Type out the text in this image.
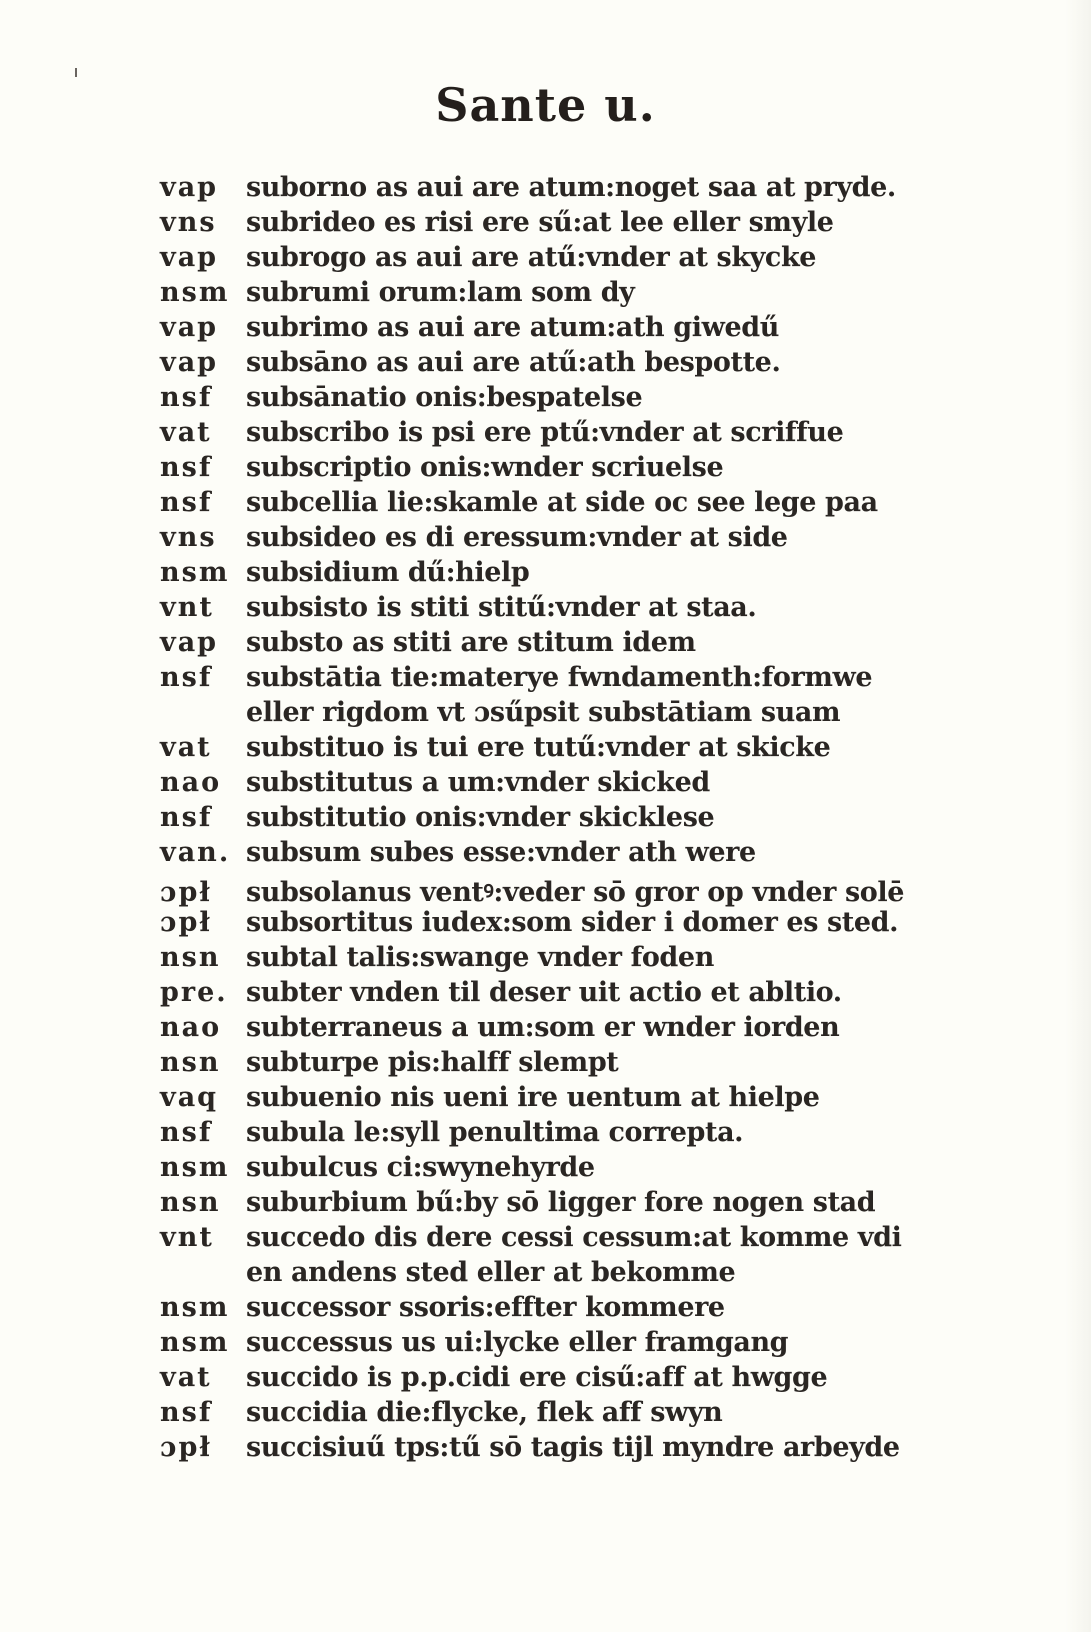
Sante u.
vap	suborno as aui are atum:noget saa at pryde.
vns	subrideo es risi ere sű:at lee eller smyle
vap	subrogo as aui are atű:vnder at skycke
nsm subrumi orum:lam som dy
vap	subrimo as aui are atum:ath giwedű
vap	subsāno as aui are atű:ath bespotte.
nsf	subsānatio onis:bespatelse
vat	subscribo is psi ere ptű:vnder at scriffue
nsf	subscriptio onis:wnder scriuelse
nsf	subcellia lie:skamle at side oc see lege paa
vns	subsideo es di eressum:vnder at side
nsm subsidium dű:hielp
vnt	subsisto is stiti stitű:vnder at staa.
vap	substo as stiti are stitum idem
nsf	substātia tie:materye fwndamenth:formwe
eller rigdom vt ɔsűpsit substātiam suam
vat	substituo is tui ere tutű:vnder at skicke
nao substitutus a um:vnder skicked
nsf	substitutio onis:vnder skicklese
van. subsum subes esse:vnder ath were
ɔpł	subsolanus ventꝰ:veder sō gror op vnder solē
ɔpł	subsortitus iudex:som sider i domer es sted.
nsn subtal talis:swange vnder foden
pre. subter vnden til deser uit actio et abltio.
nao subterraneus a um:som er wnder iorden
nsn subturpe pis:halff slempt
vaq	subuenio nis ueni ire uentum at hielpe
nsf	subula le:syll penultima correpta.
nsm subulcus ci:swynehyrde
nsn suburbium bű:by sō ligger fore nogen stad
vnt	succedo dis dere cessi cessum:at komme vdi
en andens sted eller at bekomme
nsm successor ssoris:effter kommere
nsm successus us ui:lycke eller framgang
vat	succido is p.p.cidi ere cisű:aff at hwgge
nsf	succidia die:flycke, flek aff swyn
ɔpł	succisiuű tps:tű sō tagis tijl myndre arbeyde
